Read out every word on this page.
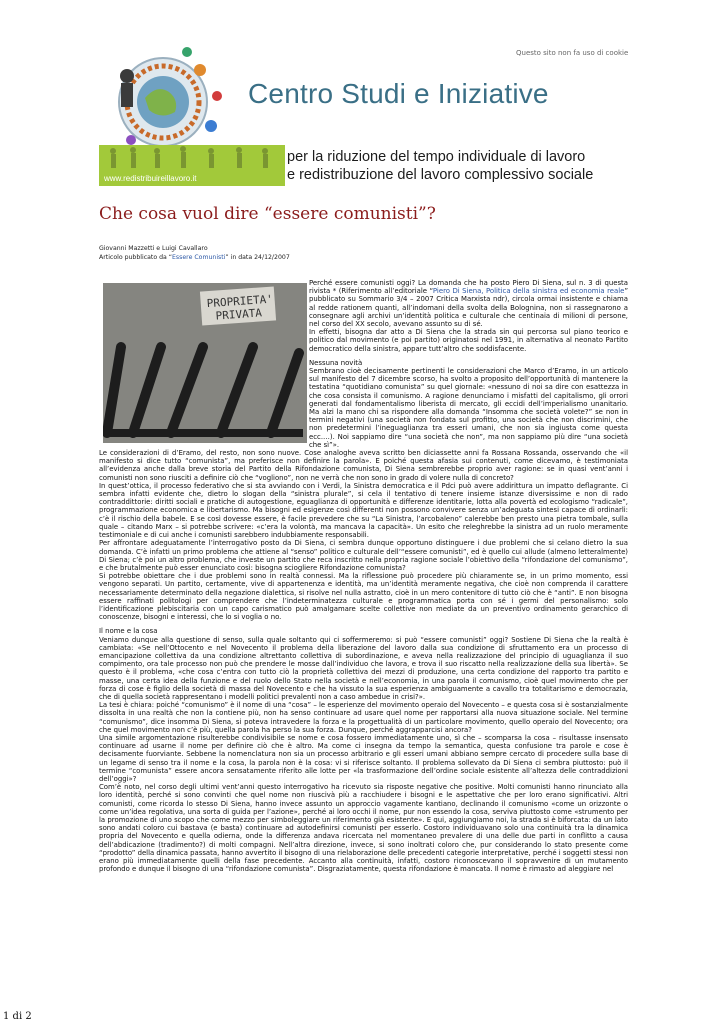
Questo sito non fa uso di cookie
Centro Studi e Iniziative
www.redistribuireillavoro.it
per la riduzione del tempo individuale di lavoro
e redistribuzione del lavoro complessivo sociale
Che cosa vuol dire “essere comunisti”?
Giovanni Mazzetti e Luigi Cavallaro
Articolo pubblicato da “Essere Comunisti” in data 24/12/2007
PROPRIETA'
PRIVATA

Perché essere comunisti oggi? La domanda che ha posto Piero Di Siena, sul n. 3 di questa rivista * (Riferimento all’editoriale “Piero Di Siena, Politica della sinistra ed economia reale” pubblicato su Sommario 3/4 – 2007 Critica Marxista ndr), circola ormai insistente e chiama al redde rationem quanti, all’indomani della svolta della Bolognina, non si rassegnarono a consegnare agli archivi un’identità politica e culturale che centinaia di milioni di persone, nel corso del XX secolo, avevano assunto su di sé.

In effetti, bisogna dar atto a Di Siena che la strada sin qui percorsa sul piano teorico e politico dal movimento (e poi partito) originatosi nel 1991, in alternativa al neonato Partito democratico della sinistra, appare tutt’altro che soddisfacente.

Nessuna novità

Sembrano cioè decisamente pertinenti le considerazioni che Marco d’Eramo, in un articolo sul manifesto del 7 dicembre scorso, ha svolto a proposito dell’opportunità di mantenere la testatina “quotidiano comunista” su quel giornale: «nessuno di noi sa dire con esattezza in che cosa consista il comunismo. A ragione denunciamo i misfatti del capitalismo, gli orrori generati dal fondamentalismo liberista di mercato, gli eccidi dell’imperialismo unanitario. Ma alzi la mano chi sa rispondere alla domanda “Insomma che società volete?” se non in termini negativi (una società non fondata sul profitto, una società che non discrimini, che non predetermini l’ineguaglianza tra esseri umani, che non sia ingiusta come questa ecc.…). Noi sappiamo dire “una società che non”, ma non sappiamo più dire “una società che sì”».

Le considerazioni di d’Eramo, del resto, non sono nuove. Cose analoghe aveva scritto ben diciassette anni fa Rossana Rossanda, osservando che «il manifesto si dice tutto “comunista”, ma preferisce non definire la parola». E poiché questa afasia sui contenuti, come dicevamo, è testimoniata all’evidenza anche dalla breve storia del Partito della Rifondazione comunista, Di Siena sembrerebbe proprio aver ragione: se in quasi vent’anni i comunisti non sono riusciti a definire ciò che “vogliono”, non ne verrà che non sono in grado di volere nulla di concreto?

In quest’ottica, il processo federativo che si sta avviando con i Verdi, la Sinistra democratica e il Pdci può avere addirittura un impatto deflagrante. Ci sembra infatti evidente che, dietro lo slogan della “sinistra plurale”, si cela il tentativo di tenere insieme istanze diversissime e non di rado contraddittorie: diritti sociali e pratiche di autogestione, eguaglianza di opportunità e differenze identitarie, lotta alla povertà ed ecologismo “radicale”, programmazione economica e libertarismo. Ma bisogni ed esigenze così differenti non possono convivere senza un’adeguata sintesi capace di ordinarli: c’è il rischio della babele. E se così dovesse essere, è facile prevedere che su “La Sinistra, l’arcobaleno” calerebbe ben presto una pietra tombale, sulla quale – citando Marx – si potrebbe scrivere: «c’era la volontà, ma mancava la capacità». Un esito che releghrebbe la sinistra ad un ruolo meramente testimoniale e di cui anche i comunisti sarebbero indubbiamente responsabili.

Per affrontare adeguatamente l’interrogativo posto da Di Siena, ci sembra dunque opportuno distinguere i due problemi che si celano dietro la sua domanda. C’è infatti un primo problema che attiene al “senso” politico e culturale dell’“essere comunisti”, ed è quello cui allude (almeno letteralmente) Di Siena; c’è poi un altro problema, che investe un partito che reca inscritto nella propria ragione sociale l’obiettivo della “rifondazione del comunismo”, e che brutalmente può esser enunciato così: bisogna sciogliere Rifondazione comunista?

Si potrebbe obiettare che i due problemi sono in realtà connessi. Ma la riflessione può procedere più chiaramente se, in un primo momento, essi vengono separati. Un partito, certamente, vive di appartenenza e identità, ma un’identità meramente negativa, che cioè non comprenda il carattere necessariamente determinato della negazione dialettica, si risolve nel nulla astratto, cioè in un mero contenitore di tutto ciò che è “anti”. E non bisogna essere raffinati politologi per comprendere che l’indeterminatezza culturale e programmatica porta con sé i germi del personalismo: solo l’identificazione plebiscitaria con un capo carismatico può amalgamare scelte collettive non mediate da un preventivo ordinamento gerarchico di conoscenze, bisogni e interessi, che lo si voglia o no.

Il nome e la cosa

Veniamo dunque alla questione di senso, sulla quale soltanto qui ci soffermeremo: si può “essere comunisti” oggi? Sostiene Di Siena che la realtà è cambiata: «Se nell’Ottocento e nel Novecento il problema della liberazione del lavoro dalla sua condizione di sfruttamento era un processo di emancipazione collettiva da una condizione altrettanto collettiva di subordinazione, e aveva nella realizzazione del principio di uguaglianza il suo compimento, ora tale processo non può che prendere le mosse dall’individuo che lavora, e trova il suo riscatto nella realizzazione della sua libertà». Se questo è il problema, «che cosa c’entra con tutto ciò la proprietà collettiva dei mezzi di produzione, una certa condizione del rapporto tra partito e masse, una certa idea della funzione e del ruolo dello Stato nella società e nell’economia, in una parola il comunismo, cioè quel movimento che per forza di cose è figlio della società di massa del Novecento e che ha vissuto la sua esperienza ambiguamente a cavallo tra totalitarismo e democrazia, che di quella società rappresentano i modelli politici prevalenti non a caso ambedue in crisi?».

La tesi è chiara: poiché “comunismo” è il nome di una “cosa” – le esperienze del movimento operaio del Novecento – e questa cosa si è sostanzialmente dissolta in una realtà che non la contiene più, non ha senso continuare ad usare quel nome per rapportarsi alla nuova situazione sociale. Nel termine “comunismo”, dice insomma Di Siena, si poteva intravedere la forza e la progettualità di un particolare movimento, quello operaio del Novecento; ora che quel movimento non c’è più, quella parola ha perso la sua forza. Dunque, perché aggrapparcisi ancora?

Una simile argomentazione risulterebbe condivisibile se nome e cosa fossero immediatamente uno, sì che – scomparsa la cosa – risultasse insensato continuare ad usarne il nome per definire ciò che è altro. Ma come ci insegna da tempo la semantica, questa confusione tra parole e cose è decisamente fuorviante. Sebbene la nomenclatura non sia un processo arbitrario e gli esseri umani abbiano sempre cercato di procedere sulla base di un legame di senso tra il nome e la cosa, la parola non è la cosa: vi si riferisce soltanto. Il problema sollevato da Di Siena ci sembra piuttosto: può il termine “comunista” essere ancora sensatamente riferito alle lotte per «la trasformazione dell’ordine sociale esistente all’altezza delle contraddizioni dell’oggi»?

Com’è noto, nel corso degli ultimi vent’anni questo interrogativo ha ricevuto sia risposte negative che positive. Molti comunisti hanno rinunciato alla loro identità, perché si sono convinti che quel nome non riuscivà più a racchiudere i bisogni e le aspettative che per loro erano significativi. Altri comunisti, come ricorda lo stesso Di Siena, hanno invece assunto un approccio vagamente kantiano, declinando il comunismo «come un orizzonte o come un’idea regolativa, una sorta di guida per l’azione», perché ai loro occhi il nome, pur non essendo la cosa, serviva piuttosto come «strumento per la promozione di uno scopo che come mezzo per simboleggiare un riferimento già esistente». E qui, aggiungiamo noi, la strada si è biforcata: da un lato sono andati coloro cui bastava (e basta) continuare ad autodefinirsi comunisti per esserlo. Costoro individuavano solo una continuità tra la dinamica propria del Novecento e quella odierna, onde la differenza andava ricercata nel momentaneo prevalere di una delle due parti in conflitto a causa dell’abdicazione (tradimento?) di molti compagni. Nell’altra direzione, invece, si sono inoltrati coloro che, pur considerando lo stato presente come “prodotto” della dinamica passata, hanno avvertito il bisogno di una rielaborazione delle precedenti categorie interpretative, perché i soggetti stessi non erano più immediatamente quelli della fase precedente. Accanto alla continuità, infatti, costoro riconoscevano il sopravvenire di un mutamento profondo e dunque il bisogno di una “rifondazione comunista”. Disgraziatamente, questa rifondazione è mancata. Il nome è rimasto ad aleggiare nel

1 di 2
